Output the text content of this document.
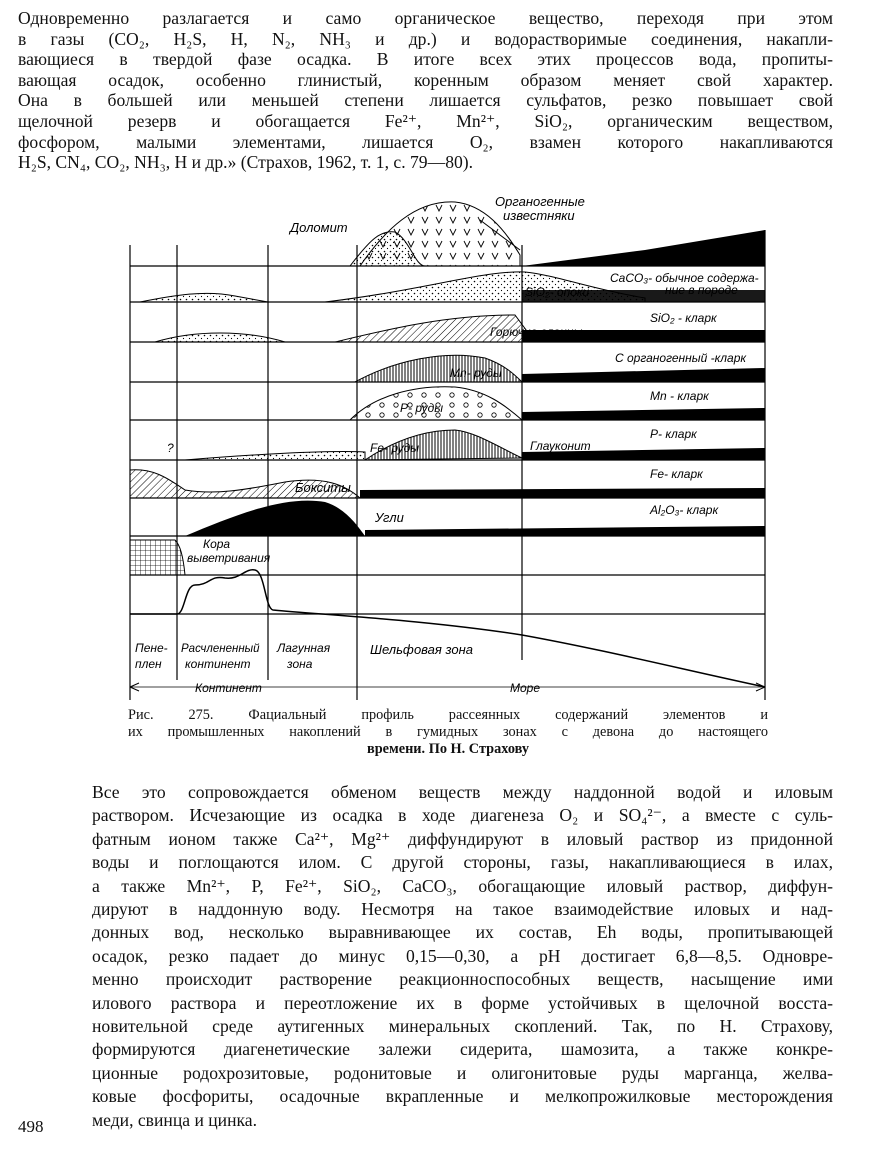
Одновременно разлагается и само органическое вещество, переходя при этом
в газы (CO₂, H₂S, H, N₂, NH₃ и др.) и водорастворимые соединения, накапли-
вающиеся в твердой фазе осадка. В итоге всех этих процессов вода, пропиты-
вающая осадок, особенно глинистый, коренным образом меняет свой характер.
Она в большей или меньшей степени лишается сульфатов, резко повышает свой
щелочной резерв и обогащается Fe²⁺, Mn²⁺, SiO₂, органическим веществом,
фосфором, малыми элементами, лишается O₂, взамен которого накапливаются
H₂S, CN₄, CO₂, NH₃, H и др.» (Страхов, 1962, т. 1, с. 79—80).
Доломит
Органогенные
известняки
CaCO₃- обычное содержа-
ние в породе
SiO₂- опоки
SiO₂ - кларк
Горючие сланцы
C органогенный -кларк
Mn- руды
Mn - кларк
P- руды
P- кларк
Fe- руды	Глауконит
?
Fe- кларк
Бокситы
Al₂O₃- кларк
Угли
Кора
выветривания
Пене-
плен
Расчлененный
континент
Лагунная
зона
Шельфовая зона
Континент	Море

Рис. 275. Фациальный профиль рассеянных содержаний элементов и
их промышленных накоплений в гумидных зонах с девона до настоящего
времени. По Н. Страхову

Все это сопровождается обменом веществ между наддонной водой и иловым
раствором. Исчезающие из осадка в ходе диагенеза O₂ и SO₄²⁻, а вместе с суль-
фатным ионом также Ca²⁺, Mg²⁺ диффундируют в иловый раствор из придонной
воды и поглощаются илом. С другой стороны, газы, накапливающиеся в илах,
а также Mn²⁺, P, Fe²⁺, SiO₂, CaCO₃, обогащающие иловый раствор, диффун-
дируют в наддонную воду. Несмотря на такое взаимодействие иловых и над-
донных вод, несколько выравнивающее их состав, Eh воды, пропитывающей
осадок, резко падает до минус 0,15—0,30, а pH достигает 6,8—8,5. Одновре-
менно происходит растворение реакционноспособных веществ, насыщение ими
илового раствора и переотложение их в форме устойчивых в щелочной восста-
новительной среде аутигенных минеральных скоплений. Так, по Н. Страхову,
формируются диагенетические залежи сидерита, шамозита, а также конкре-
ционные родохрозитовые, родонитовые и олигонитовые руды марганца, желва-
ковые фосфориты, осадочные вкрапленные и мелкопрожилковые месторождения
меди, свинца и цинка.
498
